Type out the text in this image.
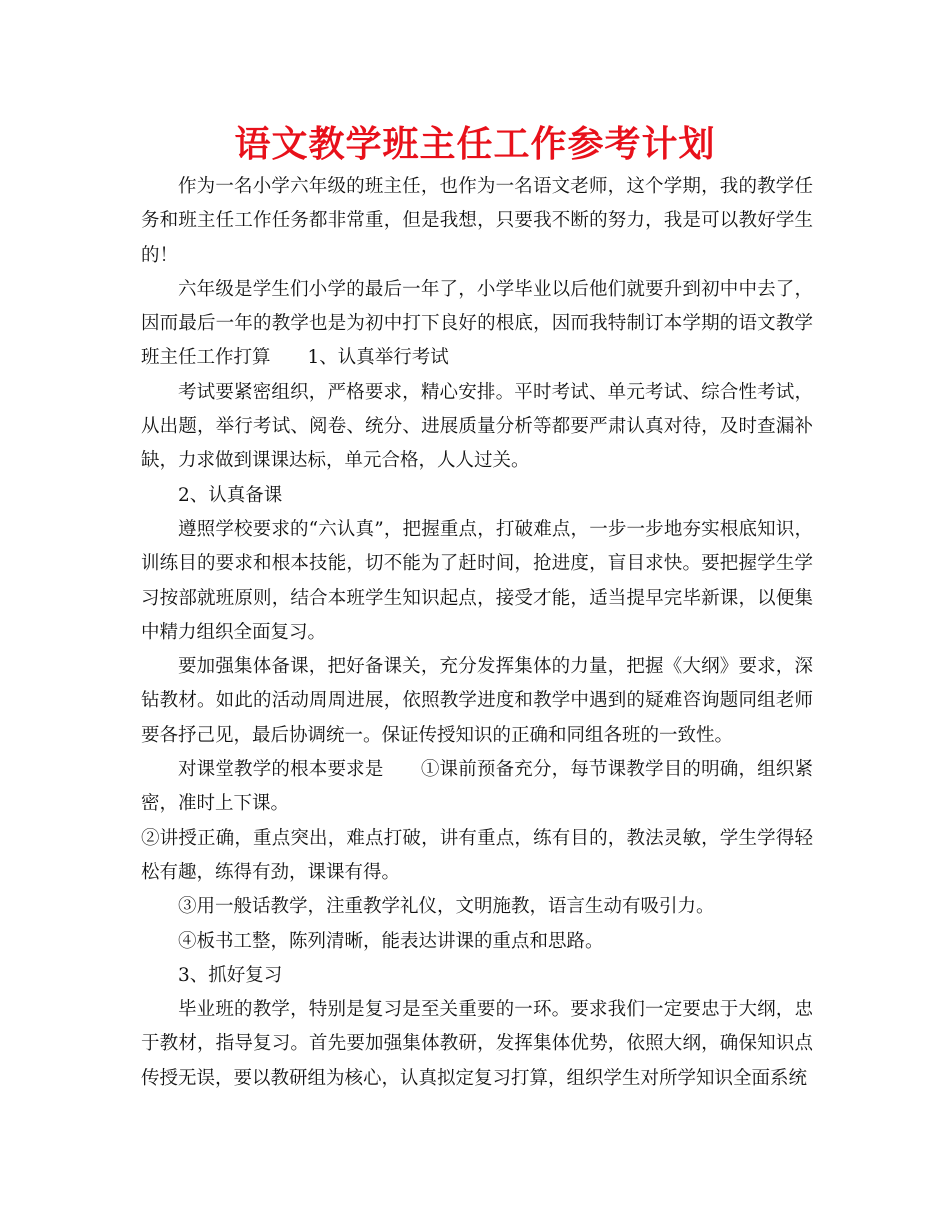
语文教学班主任工作参考计划

作为一名小学六年级的班主任，也作为一名语文老师，这个学期，我的教学任务和班主任工作任务都非常重，但是我想，只要我不断的努力，我是可以教好学生的！

六年级是学生们小学的最后一年了，小学毕业以后他们就要升到初中中去了，因而最后一年的教学也是为初中打下良好的根底，因而我特制订本学期的语文教学班主任工作打算　　1、认真举行考试

考试要紧密组织，严格要求，精心安排。平时考试、单元考试、综合性考试，从出题，举行考试、阅卷、统分、进展质量分析等都要严肃认真对待，及时查漏补缺，力求做到课课达标，单元合格，人人过关。

2、认真备课

遵照学校要求的“六认真”，把握重点，打破难点，一步一步地夯实根底知识，训练目的要求和根本技能，切不能为了赶时间，抢进度，盲目求快。要把握学生学习按部就班原则，结合本班学生知识起点，接受才能，适当提早完毕新课，以便集中精力组织全面复习。

要加强集体备课，把好备课关，充分发挥集体的力量，把握《大纲》要求，深钻教材。如此的活动周周进展，依照教学进度和教学中遇到的疑难咨询题同组老师要各抒己见，最后协调统一。保证传授知识的正确和同组各班的一致性。

对课堂教学的根本要求是　　①课前预备充分，每节课教学目的明确，组织紧密，准时上下课。

②讲授正确，重点突出，难点打破，讲有重点，练有目的，教法灵敏，学生学得轻松有趣，练得有劲，课课有得。

③用一般话教学，注重教学礼仪，文明施教，语言生动有吸引力。

④板书工整，陈列清晰，能表达讲课的重点和思路。

3、抓好复习

毕业班的教学，特别是复习是至关重要的一环。要求我们一定要忠于大纲，忠于教材，指导复习。首先要加强集体教研，发挥集体优势，依照大纲，确保知识点传授无误，要以教研组为核心，认真拟定复习打算，组织学生对所学知识全面系统
